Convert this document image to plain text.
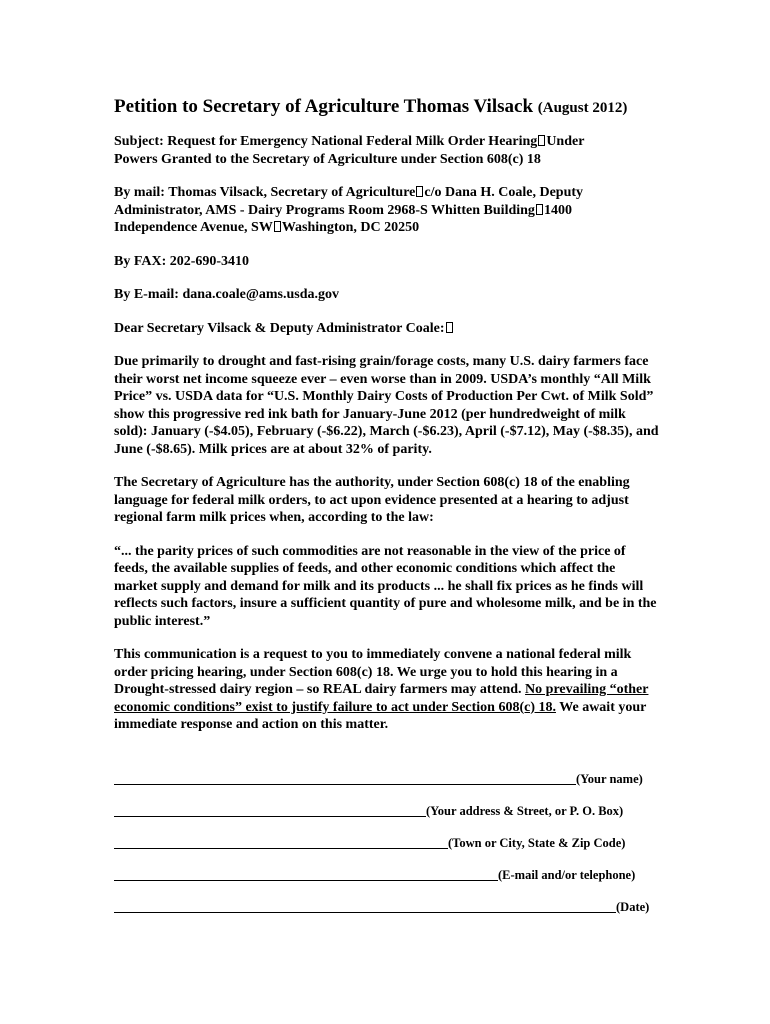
Petition to Secretary of Agriculture Thomas Vilsack (August 2012)

Subject: Request for Emergency National Federal Milk Order Hearing Under
Powers Granted to the Secretary of Agriculture under Section 608(c) 18

By mail: Thomas Vilsack, Secretary of Agriculture c/o Dana H. Coale, Deputy
Administrator, AMS - Dairy Programs Room 2968-S Whitten Building 1400
Independence Avenue, SW Washington, DC 20250

By FAX: 202-690-3410

By E-mail: dana.coale@ams.usda.gov

Dear Secretary Vilsack & Deputy Administrator Coale:

Due primarily to drought and fast-rising grain/forage costs, many U.S. dairy farmers face their worst net income squeeze ever – even worse than in 2009. USDA’s monthly “All Milk Price” vs. USDA data for “U.S. Monthly Dairy Costs of Production Per Cwt. of Milk Sold” show this progressive red ink bath for January-June 2012 (per hundredweight of milk sold): January (-$4.05), February (-$6.22), March (-$6.23), April (-$7.12), May (-$8.35), and June (-$8.65). Milk prices are at about 32% of parity.

The Secretary of Agriculture has the authority, under Section 608(c) 18 of the enabling language for federal milk orders, to act upon evidence presented at a hearing to adjust regional farm milk prices when, according to the law:

“... the parity prices of such commodities are not reasonable in the view of the price of feeds, the available supplies of feeds, and other economic conditions which affect the market supply and demand for milk and its products ... he shall fix prices as he finds will reflects such factors, insure a sufficient quantity of pure and wholesome milk, and be in the public interest.”

This communication is a request to you to immediately convene a national federal milk order pricing hearing, under Section 608(c) 18. We urge you to hold this hearing in a Drought-stressed dairy region – so REAL dairy farmers may attend. No prevailing “other economic conditions” exist to justify failure to act under Section 608(c) 18. We await your immediate response and action on this matter.

(Your name)
(Your address & Street, or P. O. Box)
(Town or City, State & Zip Code)
(E-mail and/or telephone)
(Date)
